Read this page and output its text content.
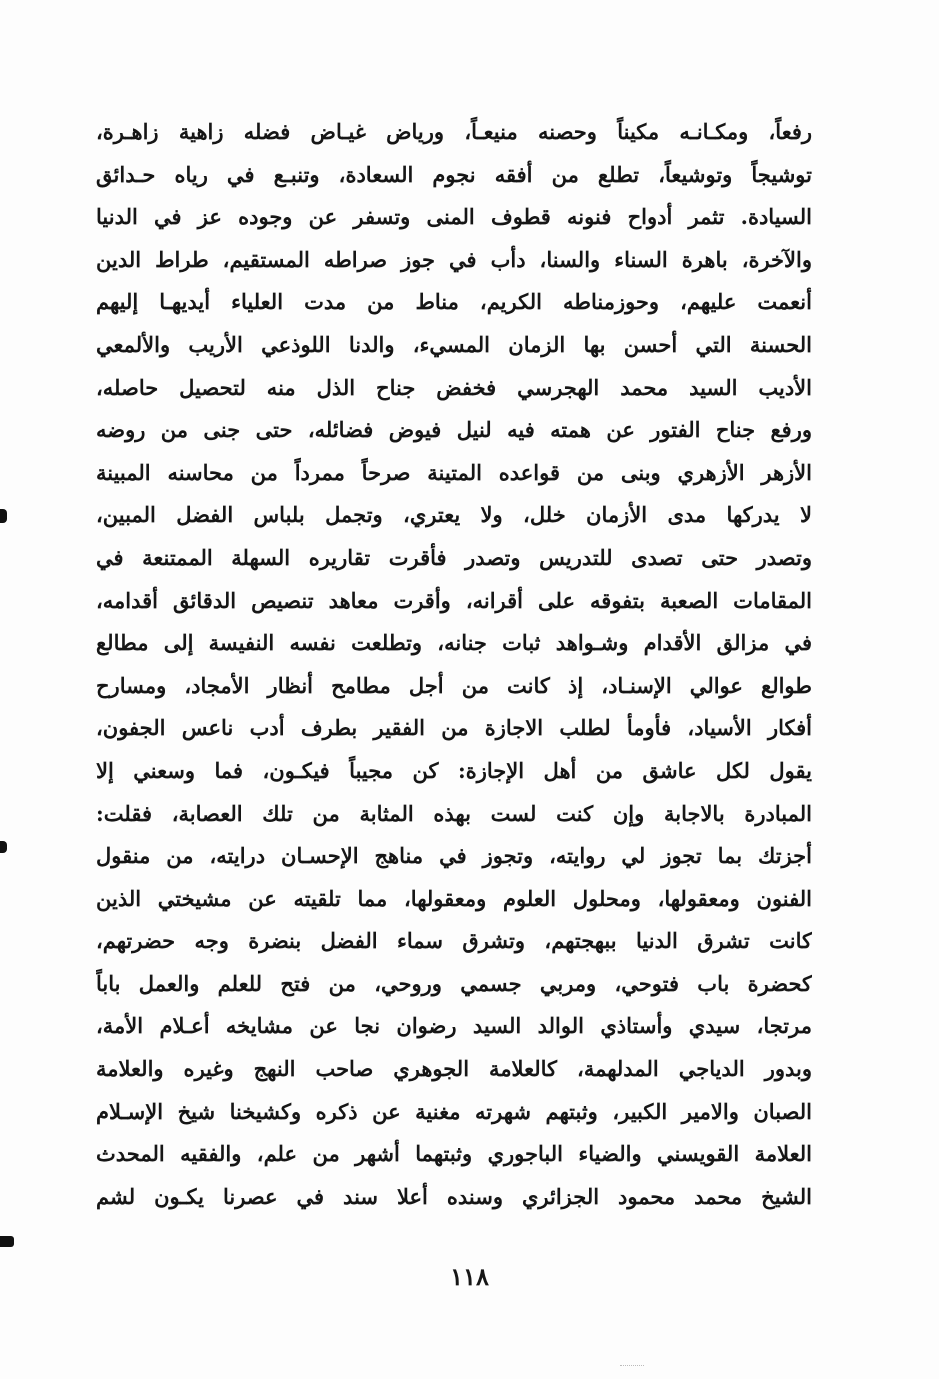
رفعاً، ومكـانـه مكيناً وحصنه منيعـاً، ورياض غيـاض فضله زاهية زاهـرة،
توشيجاً وتوشيعاً، تطلع من أفقه نجوم السعادة، وتنبـع في رياه حـدائق
السيادة. تثمر أدواح فنونه قطوف المنى وتسفر عن وجوده عز في الدنيا
والآخرة، باهرة السناء والسنا، دأب في جوز صراطه المستقيم، طراط الدين
أنعمت عليهم، وحوزمناطه الكريم، مناط من مدت العلياء أيديهـا إليهم
الحسنة التي أحسن بها الزمان المسيء، والدنا اللوذعي الأريب والألمعي
الأديب السيد محمد الهجرسي فخفض جناح الذل منه لتحصيل حاصله،
ورفع جناح الفتور عن همته فيه لنيل فيوض فضائله، حتى جنى من روضه
الأزهر الأزهري وبنى من قواعده المتينة صرحاً ممرداً من محاسنه المبينة
لا يدركها مدى الأزمان خلل، ولا يعتري، وتجمل بلباس الفضل المبين،
وتصدر حتى تصدى للتدريس وتصدر فأقرت تقاريره السهلة الممتنعة في
المقامات الصعبة بتفوقه على أقرانه، وأقرت معاهد تنصيص الدقائق أقدامه،
في مزالق الأقدام وشـواهد ثبات جنانه، وتطلعت نفسه النفيسة إلى مطالع
طوالع عوالي الإسنـاد، إذ كانت من أجل مطامح أنظار الأمجاد، ومسارح
أفكار الأسياد، فأومأ لطلب الاجازة من الفقير بطرف أدب ناعس الجفون،
يقول لكل عاشق من أهل الإجازة: كن مجيباً فيكـون، فما وسعني إلا
المبادرة بالاجابة وإن كنت لست بهذه المثابة من تلك العصابة، فقلت:
أجزتك بما تجوز لي روايته، وتجوز في مناهج الإحسـان درايته، من منقول
الفنون ومعقولها، ومحلول العلوم ومعقولها، مما تلقيته عن مشيختي الذين
كانت تشرق الدنيا ببهجتهم، وتشرق سماء الفضل بنضرة وجه حضرتهم،
كحضرة باب فتوحي، ومربي جسمي وروحي، من فتح للعلم والعمل باباً
مرتجا، سيدي وأستاذي الوالد السيد رضوان نجا عن مشايخه أعـلام الأمة،
وبدور الدياجي المدلهمة، كالعلامة الجوهري صاحب النهج وغيره والعلامة
الصبان والامير الكبير، وثبتهم شهرته مغنية عن ذكره وكشيخنا شيخ الإسـلام
العلامة القويسني والضياء الباجوري وثبتهما أشهر من علم، والفقيه المحدث
الشيخ محمد محمود الجزائري وسنده أعلا سند في عصرنا يكـون لشم
١١٨
